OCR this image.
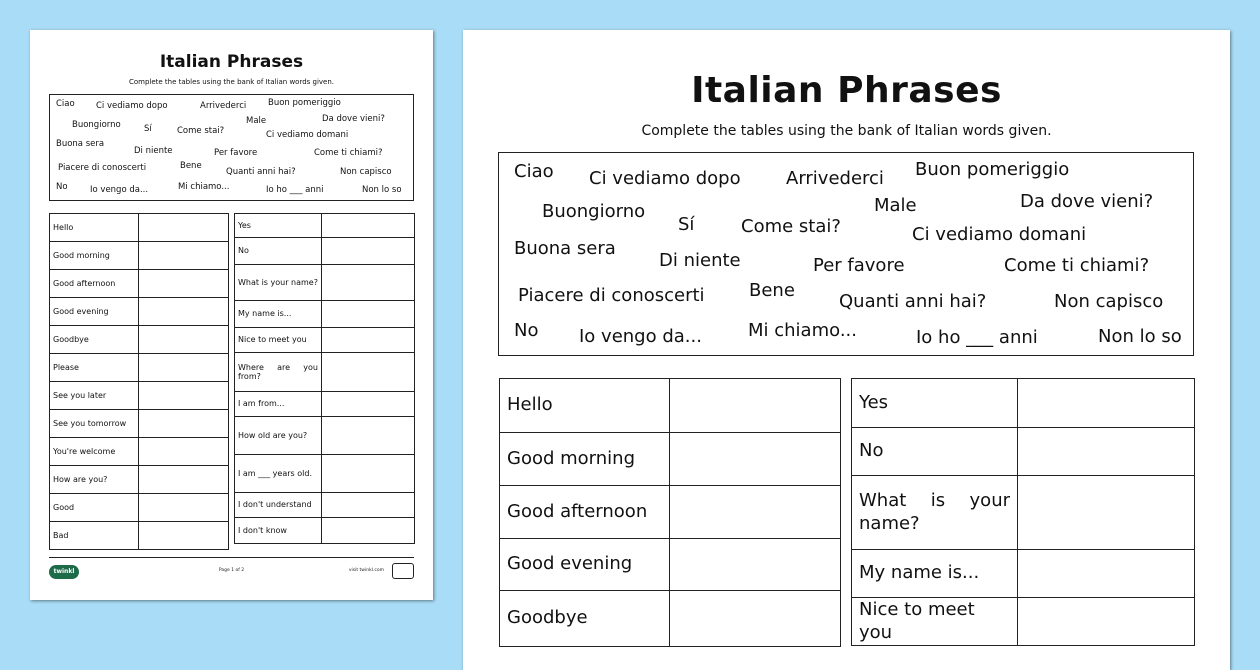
Italian Phrases
Complete the tables using the bank of Italian words given.
Ciao	Ci vediamo dopo	Arrivederci	Buon pomeriggio
Buongiorno	Sí	Come stai?
Male	Da dove vieni?
Ci vediamo domani
Buona sera
Di niente	Per favore	Come ti chiami?
Piacere di conoscerti	Bene
Quanti anni hai?	Non capisco
No	Io vengo da...	Mi chiamo...	Io ho ___ anni	Non lo so
Hello	
Good morning	
Good afternoon	
Good evening	
Goodbye	
Please	
See you later	
See you tomorrow	
You're welcome	
How are you?	
Good	
Bad	
Yes	
No	
What is your name?	
My name is...	
Nice to meet you	
Where are you from?	
I am from...	
How old are you?	
I am ___ years old.	
I don't understand	
I don't know	
twinkl	Page 1 of 2	visit twinkl.com
Italian Phrases
Complete the tables using the bank of Italian words given.
Ciao Ci vediamo dopo	Arrivederci Buon pomeriggio
Buongiorno
Sí	Come stai?
Male	Da dove vieni?
Ci vediamo domani
Buona sera
Di niente	Per favore	Come ti chiami?
Piacere di conoscerti Bene
Quanti anni hai?	Non capisco
No Io vengo da...	Mi chiamo...	Io ho ___ anni	Non lo so
Hello	
Good morning	
Good afternoon	
Good evening	
Goodbye	
Yes	
No	
What is your name?	
My name is...	
Nice to meet you	
